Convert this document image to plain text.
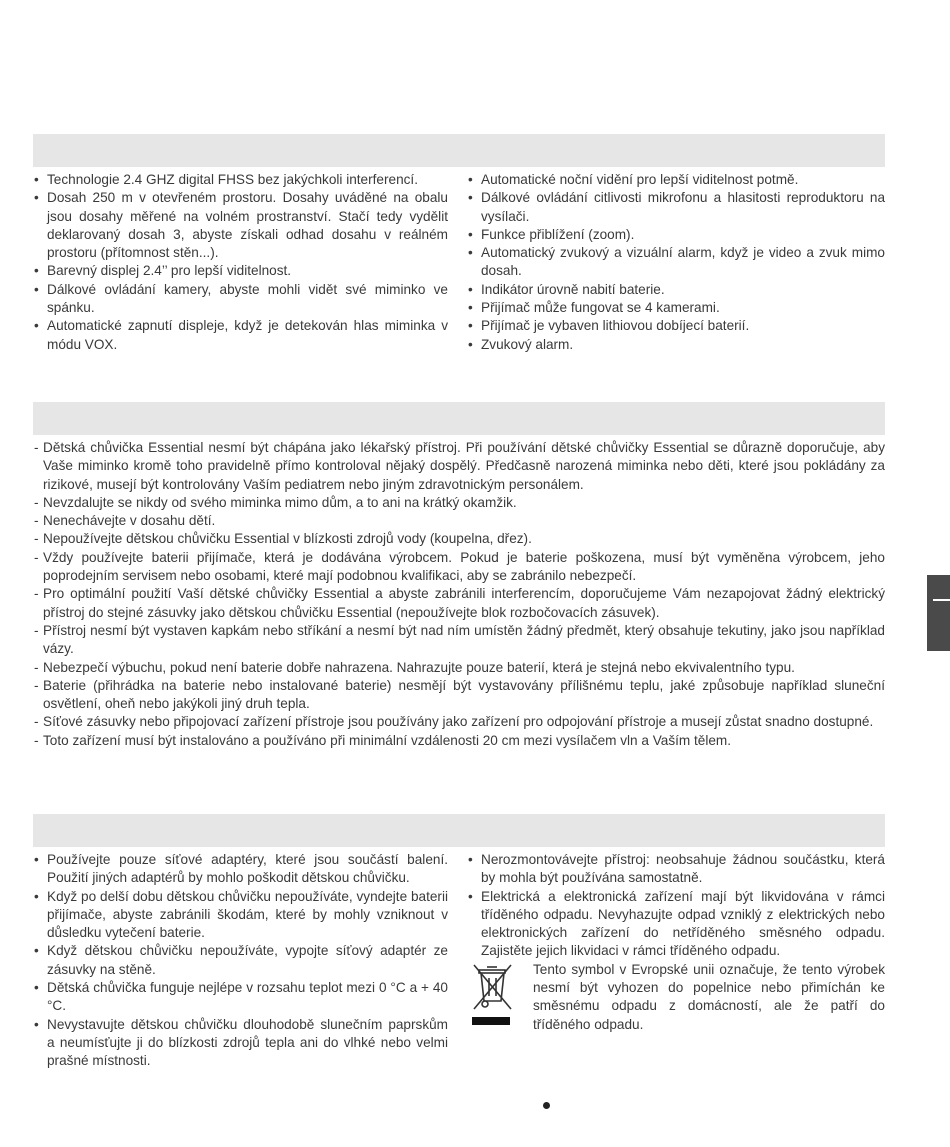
• Technologie 2.4 GHZ digital FHSS bez jakýchkoli interferencí.
• Dosah 250 m v otevřeném prostoru. Dosahy uváděné na obalu jsou dosahy měřené na volném prostranství. Stačí tedy vydělit deklarovaný dosah 3, abyste získali odhad dosahu v reálném prostoru (přítomnost stěn...).
• Barevný displej 2.4’’ pro lepší viditelnost.
• Dálkové ovládání kamery, abyste mohli vidět své miminko ve spánku.
• Automatické zapnutí displeje, když je detekován hlas miminka v módu VOX.
• Automatické noční vidění pro lepší viditelnost potmě.
• Dálkové ovládání citlivosti mikrofonu a hlasitosti reproduktoru na vysílači.
• Funkce přiblížení (zoom).
• Automatický zvukový a vizuální alarm, když je video a zvuk mimo dosah.
• Indikátor úrovně nabití baterie.
• Přijímač může fungovat se 4 kamerami.
• Přijímač je vybaven lithiovou dobíjecí baterií.
• Zvukový alarm.
- Dětská chůvička Essential nesmí být chápána jako lékařský přístroj. Při používání dětské chůvičky Essential se důrazně doporučuje, aby Vaše miminko kromě toho pravidelně přímo kontroloval nějaký dospělý. Předčasně narozená miminka nebo děti, které jsou pokládány za rizikové, musejí být kontrolovány Vaším pediatrem nebo jiným zdravotnickým personálem.
- Nevzdalujte se nikdy od svého miminka mimo dům, a to ani na krátký okamžik.
- Nenechávejte v dosahu dětí.
- Nepoužívejte dětskou chůvičku Essential v blízkosti zdrojů vody (koupelna, dřez).
- Vždy používejte baterii přijímače, která je dodávána výrobcem. Pokud je baterie poškozena, musí být vyměněna výrobcem, jeho poprodejním servisem nebo osobami, které mají podobnou kvalifikaci, aby se zabránilo nebezpečí.
- Pro optimální použití Vaší dětské chůvičky Essential a abyste zabránili interferencím, doporučujeme Vám nezapojovat žádný elektrický přístroj do stejné zásuvky jako dětskou chůvičku Essential (nepoužívejte blok rozbočovacích zásuvek).
- Přístroj nesmí být vystaven kapkám nebo stříkání a nesmí být nad ním umístěn žádný předmět, který obsahuje tekutiny, jako jsou například vázy.
- Nebezpečí výbuchu, pokud není baterie dobře nahrazena. Nahrazujte pouze baterií, která je stejná nebo ekvivalentního typu.
- Baterie (přihrádka na baterie nebo instalované baterie) nesmějí být vystavovány přílišnému teplu, jaké způsobuje například sluneční osvětlení, oheň nebo jakýkoli jiný druh tepla.
- Síťové zásuvky nebo připojovací zařízení přístroje jsou používány jako zařízení pro odpojování přístroje a musejí zůstat snadno dostupné.
- Toto zařízení musí být instalováno a používáno při minimální vzdálenosti 20 cm mezi vysílačem vln a Vaším tělem.
• Používejte pouze síťové adaptéry, které jsou součástí balení. Použití jiných adaptérů by mohlo poškodit dětskou chůvičku.
• Když po delší dobu dětskou chůvičku nepoužíváte, vyndejte baterii přijímače, abyste zabránili škodám, které by mohly vzniknout v důsledku vytečení baterie.
• Když dětskou chůvičku nepoužíváte, vypojte síťový adaptér ze zásuvky na stěně.
• Dětská chůvička funguje nejlépe v rozsahu teplot mezi 0 °C a + 40 °C.
• Nevystavujte dětskou chůvičku dlouhodobě slunečním paprskům a neumísťujte ji do blízkosti zdrojů tepla ani do vlhké nebo velmi prašné místnosti.
• Nerozmontovávejte přístroj: neobsahuje žádnou součástku, která by mohla být používána samostatně.
• Elektrická a elektronická zařízení mají být likvidována v rámci tříděného odpadu. Nevyhazujte odpad vzniklý z elektrických nebo elektronických zařízení do netříděného směsného odpadu. Zajistěte jejich likvidaci v rámci tříděného odpadu.
Tento symbol v Evropské unii označuje, že tento výrobek nesmí být vyhozen do popelnice nebo přimíchán ke směsnému odpadu z domácností, ale že patří do tříděného odpadu.
